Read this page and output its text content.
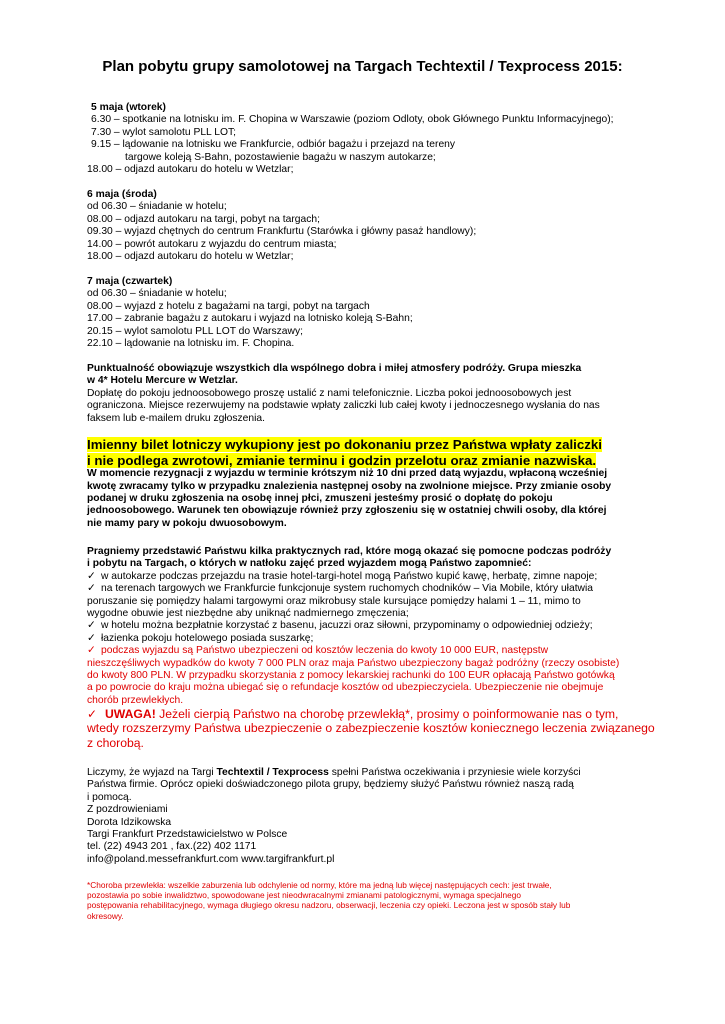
Plan pobytu grupy samolotowej na Targach Techtextil / Texprocess 2015:
5 maja (wtorek)
6.30 – spotkanie na lotnisku im. F. Chopina w Warszawie (poziom Odloty, obok Głównego Punktu Informacyjnego);
7.30 – wylot samolotu PLL LOT;
9.15 – lądowanie na lotnisku we Frankfurcie, odbiór bagażu i przejazd na tereny
targowe koleją S-Bahn, pozostawienie bagażu w naszym autokarze;
18.00 – odjazd autokaru do hotelu w Wetzlar;
6 maja (środa)
od 06.30 – śniadanie w hotelu;
08.00 – odjazd autokaru na targi, pobyt na targach;
09.30 – wyjazd chętnych do centrum Frankfurtu (Starówka i główny pasaż handlowy);
14.00 – powrót autokaru z wyjazdu do centrum miasta;
18.00 – odjazd autokaru do hotelu w Wetzlar;
7 maja (czwartek)
od 06.30 – śniadanie w hotelu;
08.00 – wyjazd z hotelu z bagażami na targi, pobyt na targach
17.00 – zabranie bagażu z autokaru i wyjazd na lotnisko koleją S-Bahn;
20.15 – wylot samolotu PLL LOT do Warszawy;
22.10 – lądowanie na lotnisku im. F. Chopina.
Punktualność obowiązuje wszystkich dla wspólnego dobra i miłej atmosfery podróży. Grupa mieszka
w 4* Hotelu Mercure w Wetzlar.
Dopłatę do pokoju jednoosobowego proszę ustalić z nami telefonicznie. Liczba pokoi jednoosobowych jest
ograniczona. Miejsce rezerwujemy na podstawie wpłaty zaliczki lub całej kwoty i jednoczesnego wysłania do nas
faksem lub e-mailem druku zgłoszenia.
Imienny bilet lotniczy wykupiony jest po dokonaniu przez Państwa wpłaty zaliczki
i nie podlega zwrotowi, zmianie terminu i godzin przelotu oraz zmianie nazwiska.
W momencie rezygnacji z wyjazdu w terminie krótszym niż 10 dni przed datą wyjazdu, wpłaconą wcześniej
kwotę zwracamy tylko w przypadku znalezienia następnej osoby na zwolnione miejsce. Przy zmianie osoby
podanej w druku zgłoszenia na osobę innej płci, zmuszeni jesteśmy prosić o dopłatę do pokoju
jednoosobowego. Warunek ten obowiązuje również przy zgłoszeniu się w ostatniej chwili osoby, dla której
nie mamy pary w pokoju dwuosobowym.
Pragniemy przedstawić Państwu kilka praktycznych rad, które mogą okazać się pomocne podczas podróży
i pobytu na Targach, o których w natłoku zajęć przed wyjazdem mogą Państwo zapomnieć:
✓ w autokarze podczas przejazdu na trasie hotel-targi-hotel mogą Państwo kupić kawę, herbatę, zimne napoje;
✓ na terenach targowych we Frankfurcie funkcjonuje system ruchomych chodników – Via Mobile, który ułatwia
poruszanie się pomiędzy halami targowymi oraz mikrobusy stale kursujące pomiędzy halami 1 – 11, mimo to
wygodne obuwie jest niezbędne aby uniknąć nadmiernego zmęczenia;
✓ w hotelu można bezpłatnie korzystać z basenu, jacuzzi oraz siłowni, przypominamy o odpowiedniej odzieży;
✓ łazienka pokoju hotelowego posiada suszarkę;
✓ podczas wyjazdu są Państwo ubezpieczeni od kosztów leczenia do kwoty 10 000 EUR, następstw
nieszczęśliwych wypadków do kwoty 7 000 PLN oraz maja Państwo ubezpieczony bagaż podróżny (rzeczy osobiste)
do kwoty 800 PLN. W przypadku skorzystania z pomocy lekarskiej rachunki do 100 EUR opłacają Państwo gotówką
a po powrocie do kraju można ubiegać się o refundacje kosztów od ubezpieczyciela. Ubezpieczenie nie obejmuje
chorób przewlekłych.
✓ UWAGA! Jeżeli cierpią Państwo na chorobę przewlekłą*, prosimy o poinformowanie nas o tym,
wtedy rozszerzymy Państwa ubezpieczenie o zabezpieczenie kosztów koniecznego leczenia związanego
z chorobą.
Liczymy, że wyjazd na Targi Techtextil / Texprocess spełni Państwa oczekiwania i przyniesie wiele korzyści
Państwa firmie. Oprócz opieki doświadczonego pilota grupy, będziemy służyć Państwu również naszą radą
i pomocą.
Z pozdrowieniami
Dorota Idzikowska
Targi Frankfurt Przedstawicielstwo w Polsce
tel. (22) 4943 201 , fax.(22) 402 1171
info@poland.messefrankfurt.com www.targifrankfurt.pl
*Choroba przewlekła: wszelkie zaburzenia lub odchylenie od normy, które ma jedną lub więcej następujących cech: jest trwałe,
pozostawia po sobie inwalidztwo, spowodowane jest nieodwracalnymi zmianami patologicznymi, wymaga specjalnego
postępowania rehabilitacyjnego, wymaga długiego okresu nadzoru, obserwacji, leczenia czy opieki. Leczona jest w sposób stały lub
okresowy.
